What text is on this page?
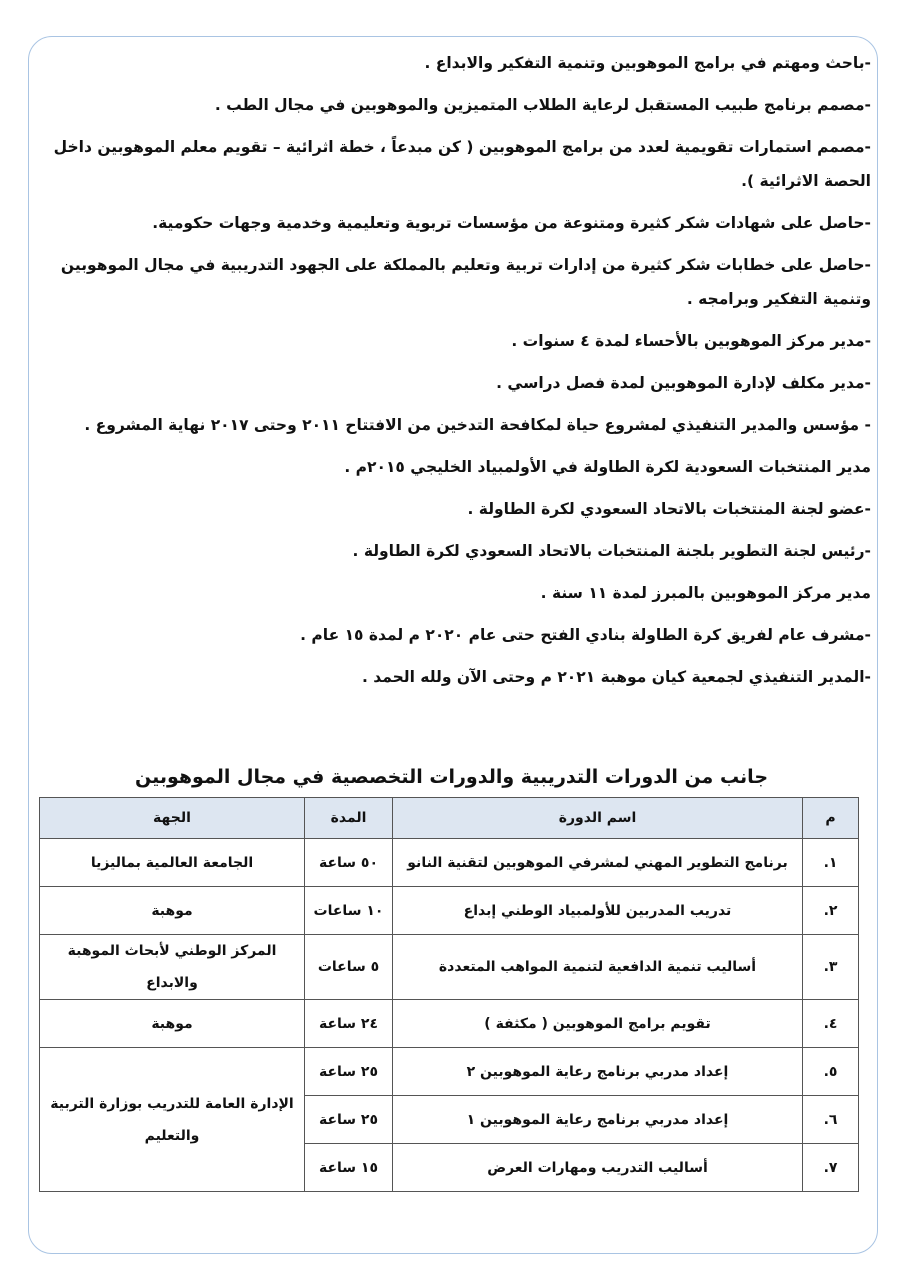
-باحث ومهتم في برامج الموهوبين وتنمية التفكير والابداع .
-مصمم برنامج طبيب المستقبل لرعاية الطلاب المتميزين والموهوبين في مجال الطب .
-مصمم استمارات تقويمية لعدد من برامج الموهوبين ( كن مبدعاً ، خطة اثرائية – تقويم معلم الموهوبين داخل الحصة الاثرائية ).
-حاصل على شهادات شكر كثيرة ومتنوعة من مؤسسات تربوية وتعليمية وخدمية وجهات حكومية.
-حاصل على خطابات شكر كثيرة من إدارات تربية وتعليم بالمملكة على الجهود التدريبية في مجال الموهوبين وتنمية التفكير وبرامجه .
-مدير مركز الموهوبين بالأحساء لمدة ٤ سنوات .
-مدير مكلف لإدارة الموهوبين لمدة فصل دراسي .
- مؤسس والمدير التنفيذي لمشروع حياة لمكافحة التدخين من الافتتاح ٢٠١١ وحتى ٢٠١٧ نهاية المشروع .
مدير المنتخبات السعودية لكرة الطاولة في الأولمبياد الخليجي ٢٠١٥م .
-عضو لجنة المنتخبات بالاتحاد السعودي لكرة الطاولة .
-رئيس لجنة التطوير بلجنة المنتخبات بالاتحاد السعودي لكرة الطاولة .
مدير مركز الموهوبين بالمبرز لمدة ١١ سنة .
-مشرف عام لفريق كرة الطاولة بنادي الفتح حتى عام ٢٠٢٠ م لمدة ١٥ عام .
-المدير التنفيذي لجمعية كيان موهبة ٢٠٢١ م وحتى الآن ولله الحمد .
جانب من الدورات التدريبية والدورات التخصصية في مجال الموهوبين
م	اسم الدورة	المدة	الجهة
١.	برنامج التطوير المهني لمشرفي الموهوبين لتقنية النانو	٥٠ ساعة	الجامعة العالمية بماليزيا
٢.	تدريب المدربين للأولمبياد الوطني إبداع	١٠ ساعات	موهبة
٣.	أساليب تنمية الدافعية لتنمية المواهب المتعددة	٥ ساعات	المركز الوطني لأبحاث الموهبة والابداع
٤.	تقويم برامج الموهوبين ( مكثفة )	٢٤ ساعة	موهبة
٥.	إعداد مدربي برنامج رعاية الموهوبين ٢	٢٥ ساعة	الإدارة العامة للتدريب بوزارة التربية والتعليم
٦.	إعداد مدربي برنامج رعاية الموهوبين ١	٢٥ ساعة	
٧.	أساليب التدريب ومهارات العرض	١٥ ساعة	
